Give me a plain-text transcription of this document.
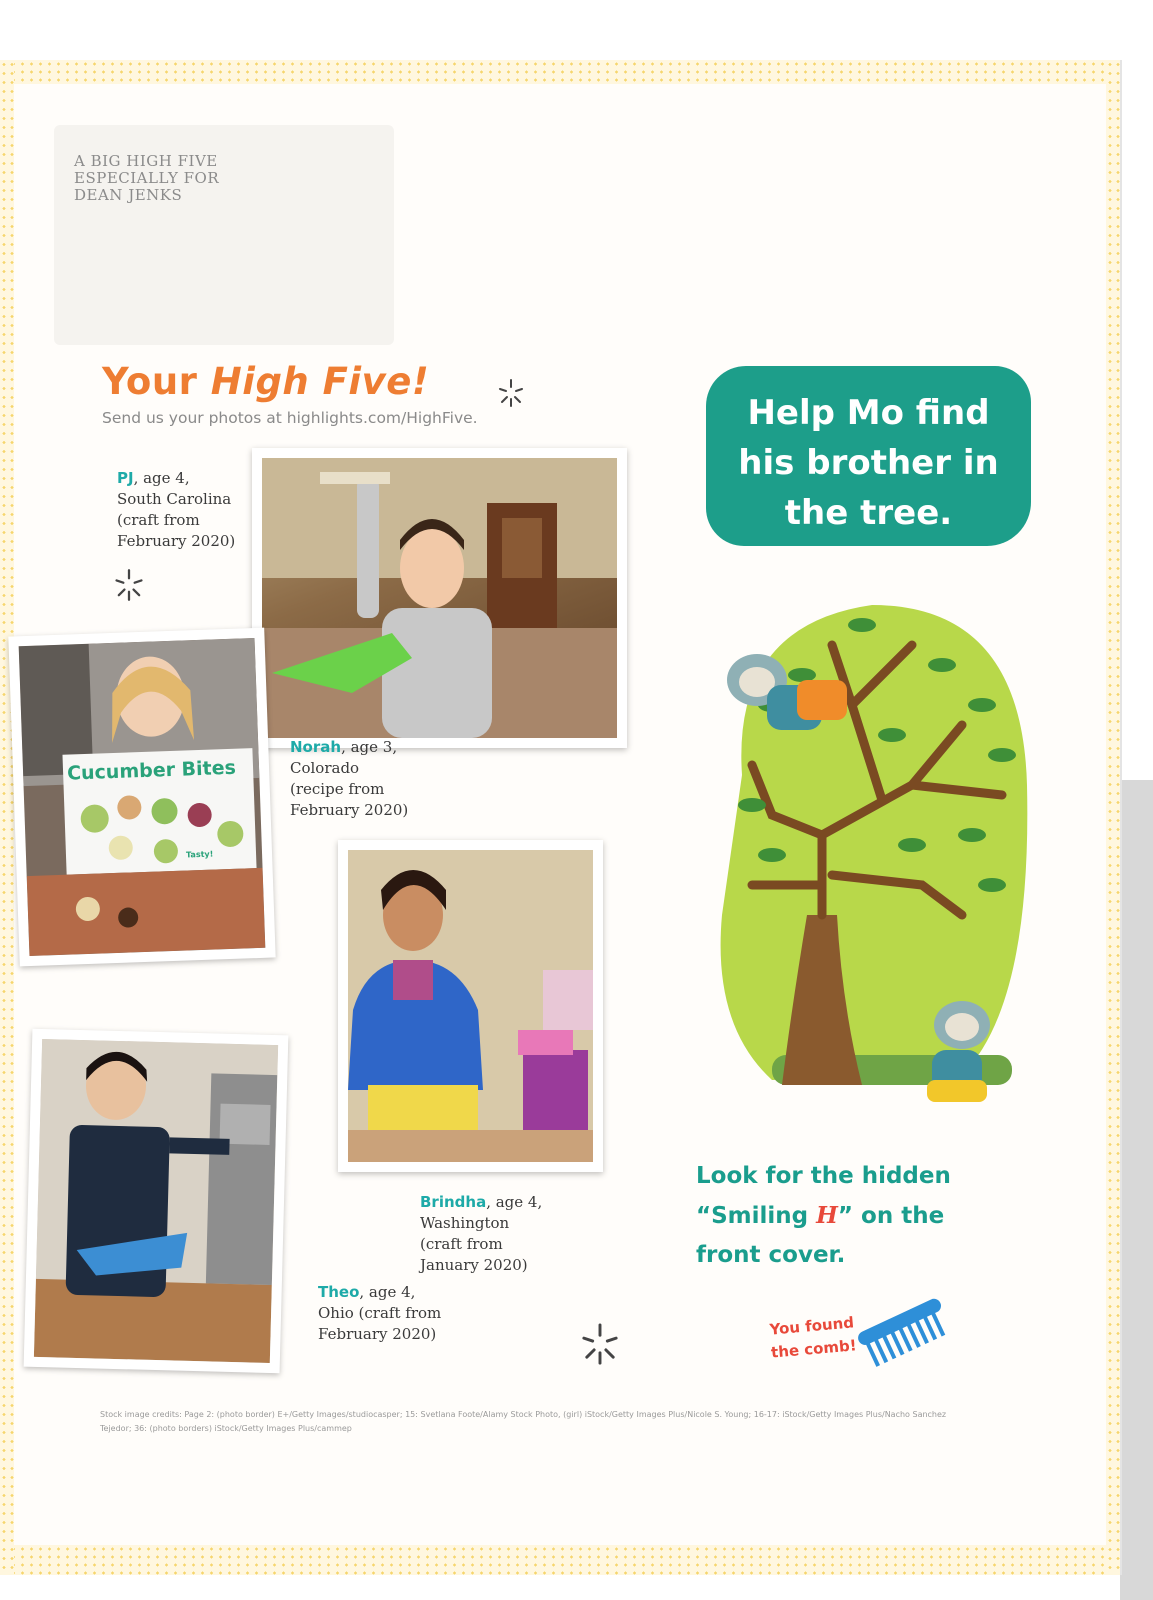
A BIG HIGH FIVE
ESPECIALLY FOR
DEAN JENKS
Your High Five!
Send us your photos at highlights.com/HighFive.
PJ, age 4,
South Carolina
(craft from
February 2020)
Cucumber Bites
Tasty!
Norah, age 3,
Colorado
(recipe from
February 2020)
Brindha, age 4,
Washington
(craft from
January 2020)
Theo, age 4,
Ohio (craft from
February 2020)
Help Mo find
his brother in
the tree.
Look for the hidden
“Smiling H” on the
front cover.
You found
the comb!
Stock image credits: Page 2: (photo border) E+/Getty Images/studiocasper; 15: Svetlana Foote/Alamy Stock Photo, (girl) iStock/Getty Images Plus/Nicole S. Young; 16-17: iStock/Getty Images Plus/Nacho Sanchez
Tejedor; 36: (photo borders) iStock/Getty Images Plus/cammep
